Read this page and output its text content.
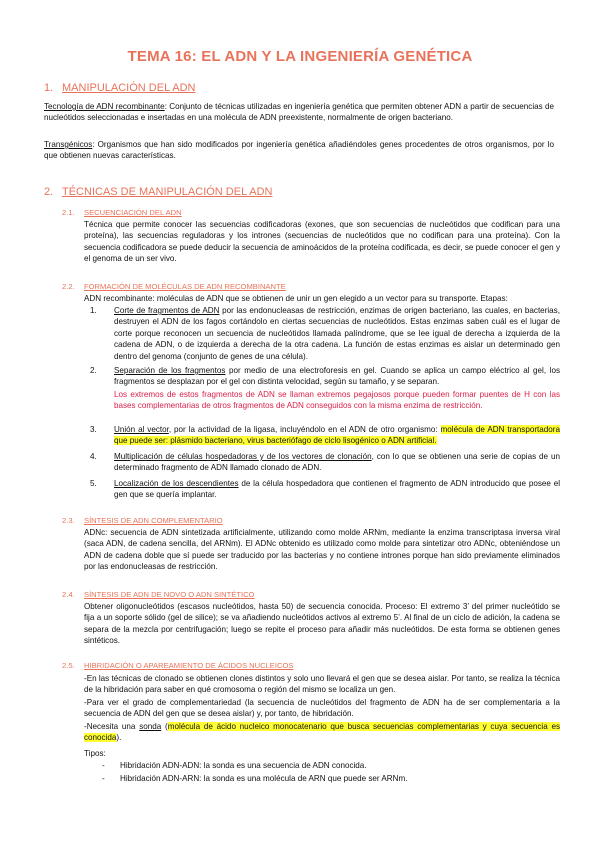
TEMA 16: EL ADN Y LA INGENIERÍA GENÉTICA
1. MANIPULACIÓN DEL ADN
Tecnología de ADN recombinante: Conjunto de técnicas utilizadas en ingeniería genética que permiten obtener ADN a partir de secuencias de nucleótidos seleccionadas e insertadas en una molécula de ADN preexistente, normalmente de origen bacteriano.
Transgénicos: Organismos que han sido modificados por ingeniería genética añadiéndoles genes procedentes de otros organismos, por lo que obtienen nuevas características.
2. TÉCNICAS DE MANIPULACIÓN DEL ADN
2.1. SECUENCIACIÓN DEL ADN
Técnica que permite conocer las secuencias codificadoras (exones, que son secuencias de nucleótidos que codifican para una proteína), las secuencias reguladoras y los intrones (secuencias de nucleótidos que no codifican para una proteína). Con la secuencia codificadora se puede deducir la secuencia de aminoácidos de la proteína codificada, es decir, se puede conocer el gen y el genoma de un ser vivo.
2.2. FORMACIÓN DE MOLÉCULAS DE ADN RECOMBINANTE
ADN recombinante: moléculas de ADN que se obtienen de unir un gen elegido a un vector para su transporte. Etapas:
1. Corte de fragmentos de ADN por las endonucleasas de restricción, enzimas de origen bacteriano, las cuales, en bacterias, destruyen el ADN de los fagos cortándolo en ciertas secuencias de nucleótidos. Estas enzimas saben cuál es el lugar de corte porque reconocen un secuencia de nucleótidos llamada palíndrome, que se lee igual de derecha a izquierda de la cadena de ADN, o de izquierda a derecha de la otra cadena. La función de estas enzimas es aislar un determinado gen dentro del genoma (conjunto de genes de una célula).
2. Separación de los fragmentos por medio de una electroforesis en gel. Cuando se aplica un campo eléctrico al gel, los fragmentos se desplazan por el gel con distinta velocidad, según su tamaño, y se separan.
Los extremos de estos fragmentos de ADN se llaman extremos pegajosos porque pueden formar puentes de H con las bases complementarias de otros fragmentos de ADN conseguidos con la misma enzima de restricción.
3. Unión al vector, por la actividad de la ligasa, incluyéndolo en el ADN de otro organismo: molécula de ADN transportadora que puede ser: plásmido bacteriano, virus bacteriófago de ciclo lisogénico o ADN artificial.
4. Multiplicación de células hospedadoras y de los vectores de clonación, con lo que se obtienen una serie de copias de un determinado fragmento de ADN llamado clonado de ADN.
5. Localización de los descendientes de la célula hospedadora que contienen el fragmento de ADN introducido que posee el gen que se quería implantar.
2.3. SÍNTESIS DE ADN COMPLEMENTARIO
ADNc: secuencia de ADN sintetizada artificialmente, utilizando como molde ARNm, mediante la enzima transcriptasa inversa viral (saca ADN, de cadena sencilla, del ARNm). El ADNc obtenido es utilizado como molde para sintetizar otro ADNc, obteniéndose un ADN de cadena doble que sí puede ser traducido por las bacterias y no contiene intrones porque han sido previamente eliminados por las endonucleasas de restricción.
2.4. SÍNTESIS DE ADN DE NOVO O ADN SINTÉTICO
Obtener oligonucleótidos (escasos nucleótidos, hasta 50) de secuencia conocida. Proceso: El extremo 3’ del primer nucleótido se fija a un soporte sólido (gel de silice); se va añadiendo nucleótidos activos al extremo 5’. Al final de un ciclo de adición, la cadena se separa de la mezcla por centrifugación; luego se repite el proceso para añadir más nucleótidos. De esta forma se obtienen genes sintéticos.
2.5. HIBRIDACIÓN O APAREAMIENTO DE ÁCIDOS NUCLEICOS
-En las técnicas de clonado se obtienen clones distintos y solo uno llevará el gen que se desea aislar. Por tanto, se realiza la técnica de la hibridación para saber en qué cromosoma o región del mismo se localiza un gen.
-Para ver el grado de complementariedad (la secuencia de nucleótidos del fragmento de ADN ha de ser complementaria a la secuencia de ADN del gen que se desea aislar) y, por tanto, de hibridación.
-Necesita una sonda (molécula de ácido nucleico monocatenario que busca secuencias complementarias y cuya secuencia es conocida).
Tipos:
- Hibridación ADN-ADN: la sonda es una secuencia de ADN conocida.
- Hibridación ADN-ARN: la sonda es una molécula de ARN que puede ser ARNm.
